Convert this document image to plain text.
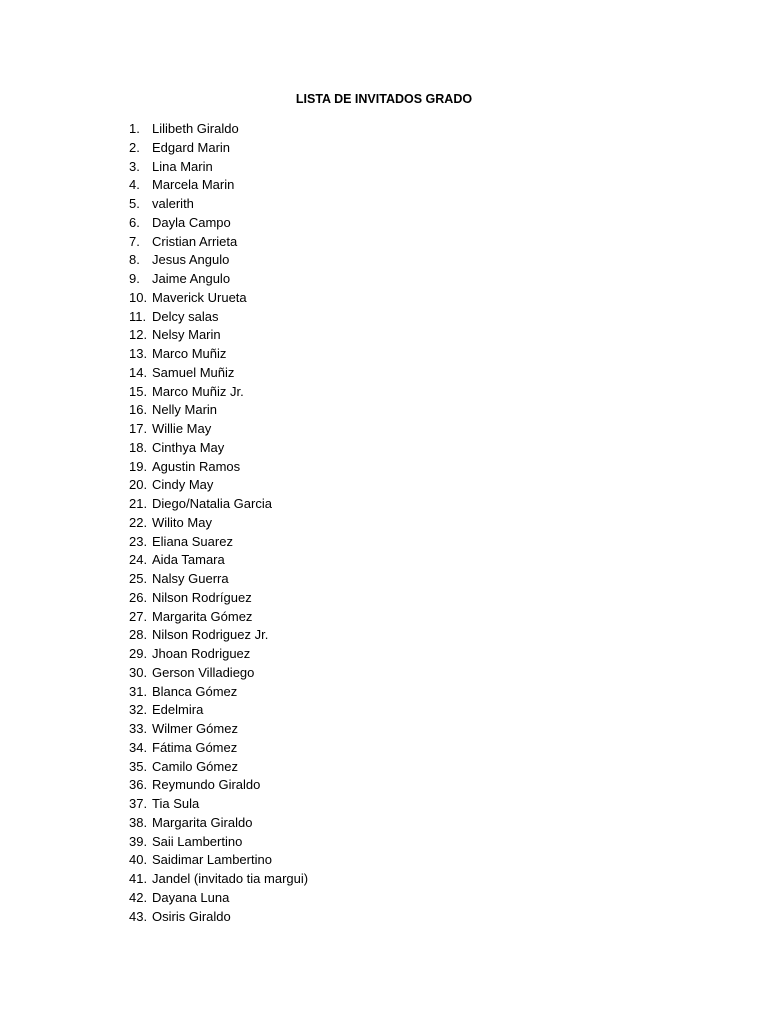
LISTA DE INVITADOS GRADO
1. Lilibeth Giraldo
2. Edgard Marin
3. Lina Marin
4. Marcela Marin
5. valerith
6. Dayla Campo
7. Cristian Arrieta
8. Jesus Angulo
9. Jaime Angulo
10. Maverick Urueta
11. Delcy salas
12. Nelsy Marin
13. Marco Muñiz
14. Samuel Muñiz
15. Marco Muñiz Jr.
16. Nelly Marin
17. Willie May
18. Cinthya May
19. Agustin Ramos
20. Cindy May
21. Diego/Natalia Garcia
22. Wilito May
23. Eliana Suarez
24. Aida Tamara
25. Nalsy Guerra
26. Nilson Rodríguez
27. Margarita Gómez
28. Nilson Rodriguez Jr.
29. Jhoan Rodriguez
30. Gerson Villadiego
31. Blanca Gómez
32. Edelmira
33. Wilmer Gómez
34. Fátima Gómez
35. Camilo Gómez
36. Reymundo Giraldo
37. Tia Sula
38. Margarita Giraldo
39. Saii Lambertino
40. Saidimar Lambertino
41. Jandel (invitado tia margui)
42. Dayana Luna
43. Osiris Giraldo
